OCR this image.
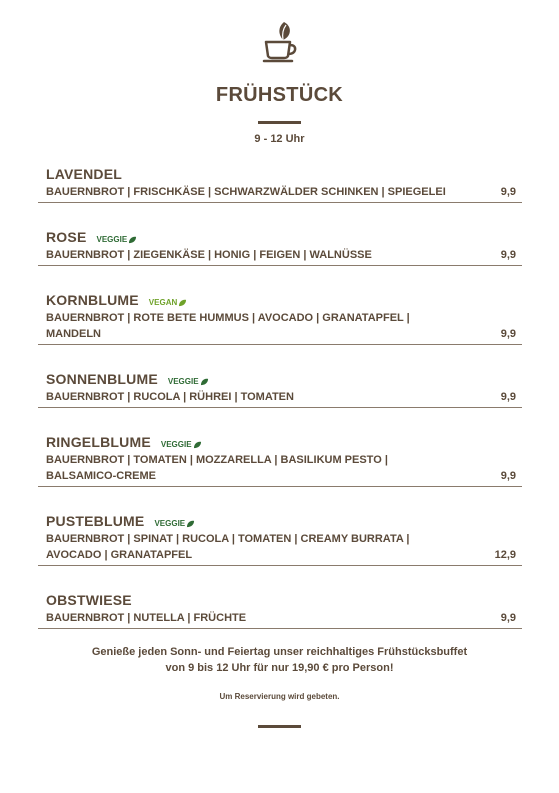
FRÜHSTÜCK
9 - 12 Uhr
LAVENDEL
BAUERNBROT | FRISCHKÄSE | SCHWARZWÄLDER SCHINKEN | SPIEGELEI	9,9
ROSE VEGGIE
BAUERNBROT | ZIEGENKÄSE | HONIG | FEIGEN | WALNÜSSE	9,9
KORNBLUME VEGAN
BAUERNBROT | ROTE BETE HUMMUS | AVOCADO | GRANATAPFEL |
MANDELN	9,9
SONNENBLUME VEGGIE
BAUERNBROT | RUCOLA | RÜHREI | TOMATEN	9,9
RINGELBLUME VEGGIE
BAUERNBROT | TOMATEN | MOZZARELLA | BASILIKUM PESTO |
BALSAMICO-CREME	9,9
PUSTEBLUME VEGGIE
BAUERNBROT | SPINAT | RUCOLA | TOMATEN | CREAMY BURRATA |
AVOCADO | GRANATAPFEL	12,9
OBSTWIESE
BAUERNBROT | NUTELLA | FRÜCHTE	9,9
Genieße jeden Sonn- und Feiertag unser reichhaltiges Frühstücksbuffet
von 9 bis 12 Uhr für nur 19,90 € pro Person!
Um Reservierung wird gebeten.
